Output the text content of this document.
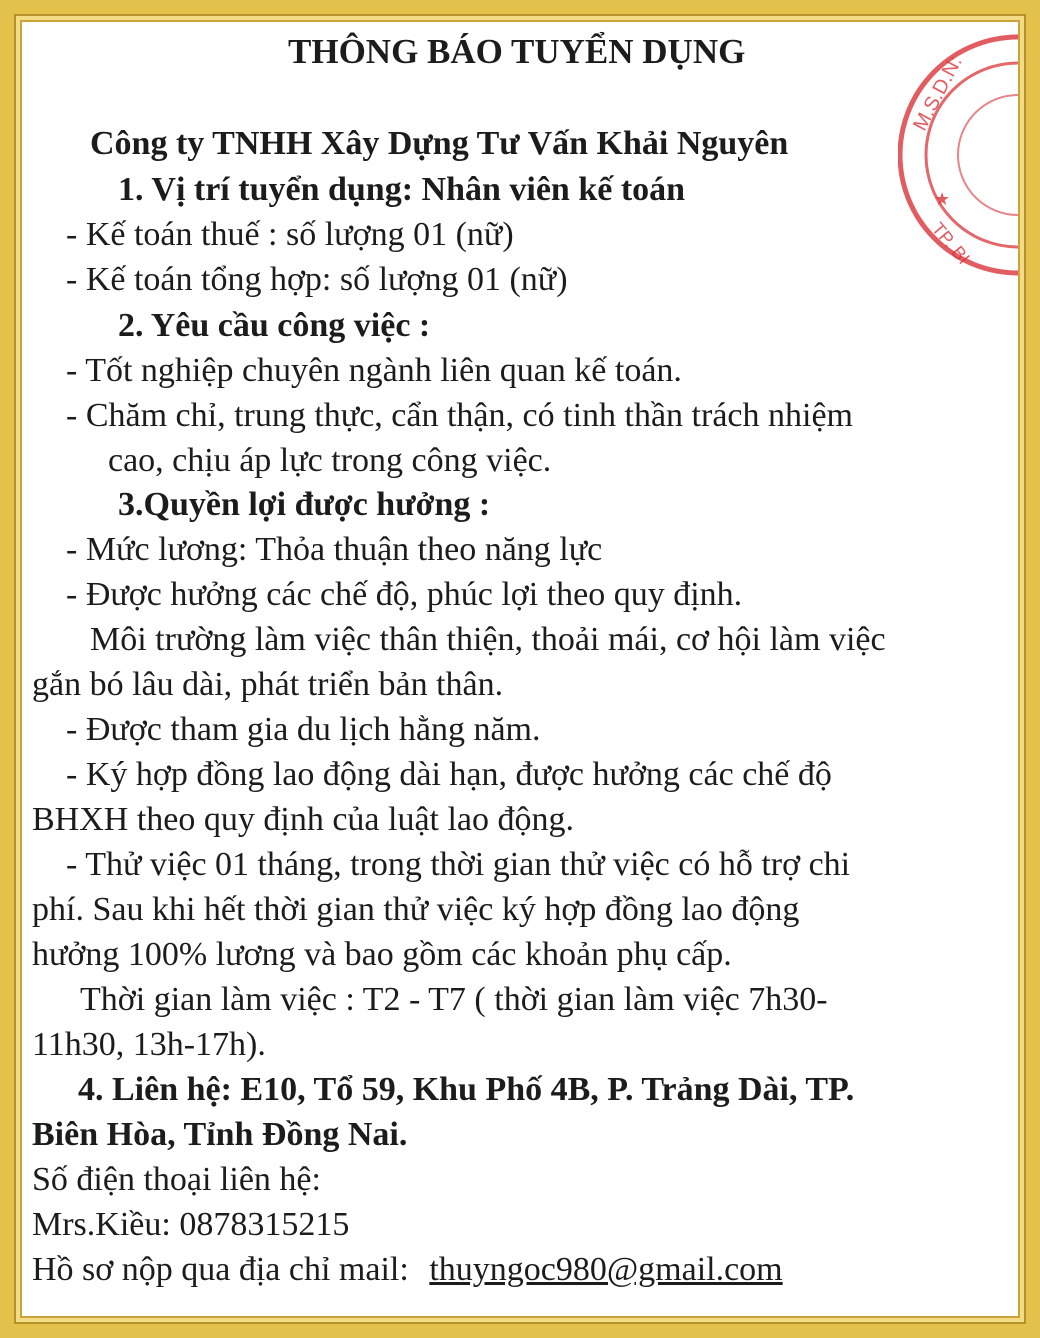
M.S.D.N:
TP. BI
★
THÔNG BÁO TUYỂN DỤNG
Công ty TNHH Xây Dựng Tư Vấn Khải Nguyên
1. Vị trí tuyển dụng: Nhân viên kế toán
- Kế toán thuế : số lượng 01 (nữ)
- Kế toán tổng hợp: số lượng 01 (nữ)
2. Yêu cầu công việc :
- Tốt nghiệp chuyên ngành liên quan kế toán.
- Chăm chỉ, trung thực, cẩn thận, có tinh thần trách nhiệm
cao, chịu áp lực trong công việc.
3.Quyền lợi được hưởng :
- Mức lương: Thỏa thuận theo năng lực
- Được hưởng các chế độ, phúc lợi theo quy định.
Môi trường làm việc thân thiện, thoải mái, cơ hội làm việc
gắn bó lâu dài, phát triển bản thân.
- Được tham gia du lịch hằng năm.
- Ký hợp đồng lao động dài hạn, được hưởng các chế độ
BHXH theo quy định của luật lao động.
- Thử việc 01 tháng, trong thời gian thử việc có hỗ trợ chi
phí. Sau khi hết thời gian thử việc ký hợp đồng lao động
hưởng 100% lương và bao gồm các khoản phụ cấp.
Thời gian làm việc : T2 - T7 ( thời gian làm việc 7h30-
11h30, 13h-17h).
4. Liên hệ: E10, Tổ 59, Khu Phố 4B, P. Trảng Dài, TP.
Biên Hòa, Tỉnh Đồng Nai.
Số điện thoại liên hệ:
Mrs.Kiều: 0878315215
Hồ sơ nộp qua địa chỉ mail: thuyngoc980@gmail.com
